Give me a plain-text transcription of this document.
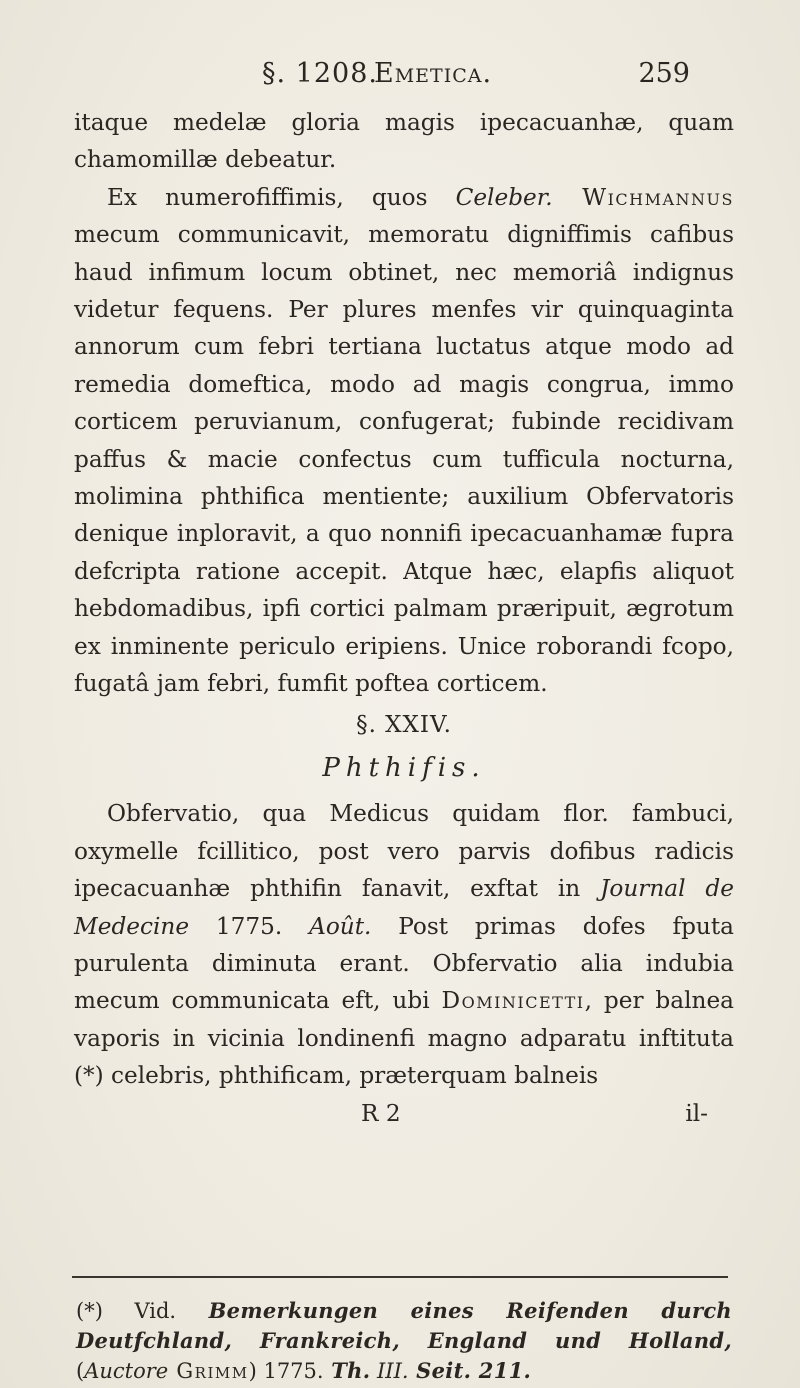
§. 1208.
Emetica.	259

itaque medelæ gloria magis ipecacuanhæ, quam chamomillæ debeatur.

Ex numerofiffimis, quos Celeber. Wichmannus mecum communicavit, memoratu digniffimis cafibus haud infimum locum obtinet, nec memoriâ indignus videtur fequens. Per plures menfes vir quinquaginta annorum cum febri tertiana luctatus atque modo ad remedia domeftica, modo ad magis congrua, immo corticem peruvianum, confugerat; fubinde recidivam paffus & macie confectus cum tufficula nocturna, molimina phthifica mentiente; auxilium Obfervatoris denique inploravit, a quo nonnifi ipecacuanhamæ fupra defcripta ratione accepit. Atque hæc, elapfis aliquot hebdomadibus, ipfi cortici palmam præripuit, ægrotum ex inminente periculo eripiens. Unice roborandi fcopo, fugatâ jam febri, fumfit poftea corticem.

§. XXIV.
Phthifis.

Obfervatio, qua Medicus quidam flor. fambuci, oxymelle fcillitico, post vero parvis dofibus radicis ipecacuanhæ phthifin fanavit, exftat in Journal de Medecine 1775. Août. Post primas dofes fputa purulenta diminuta erant. Obfervatio alia indubia mecum communicata eft, ubi Dominicetti, per balnea vaporis in vicinia londinenfi magno adparatu inftituta (*) celebris, phthificam, præterquam balneis

R 2	il-

(*) Vid. Bemerkungen eines Reifenden durch Deutfchland, Frankreich, England und Holland, (Auctore Grimm) 1775. Th. III. Seit. 211.
